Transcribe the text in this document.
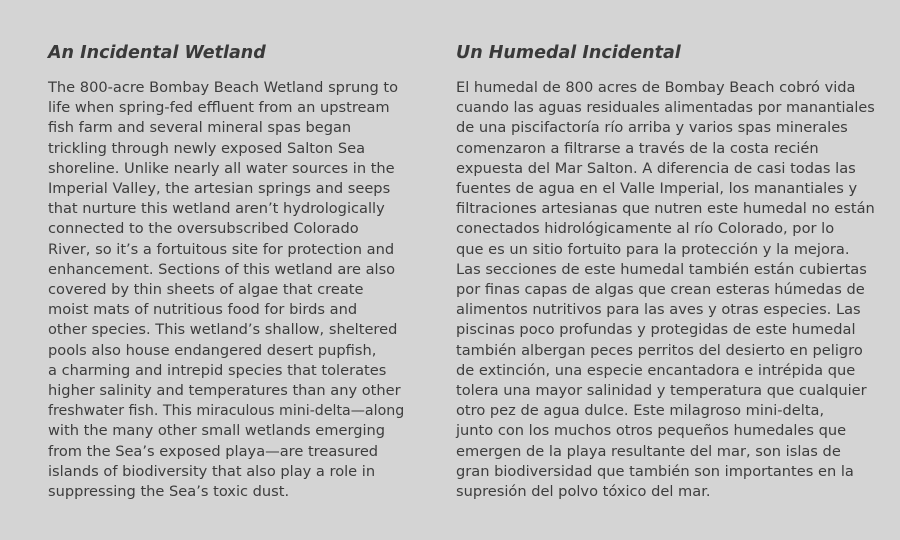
An Incidental Wetland

The 800-acre Bombay Beach Wetland sprung to
life when spring-fed effluent from an upstream
fish farm and several mineral spas began
trickling through newly exposed Salton Sea
shoreline. Unlike nearly all water sources in the
Imperial Valley, the artesian springs and seeps
that nurture this wetland aren’t hydrologically
connected to the oversubscribed Colorado
River, so it’s a fortuitous site for protection and
enhancement. Sections of this wetland are also
covered by thin sheets of algae that create
moist mats of nutritious food for birds and
other species. This wetland’s shallow, sheltered
pools also house endangered desert pupfish,
a charming and intrepid species that tolerates
higher salinity and temperatures than any other
freshwater fish. This miraculous mini-delta—along
with the many other small wetlands emerging
from the Sea’s exposed playa—are treasured
islands of biodiversity that also play a role in
suppressing the Sea’s toxic dust.

Un Humedal Incidental

El humedal de 800 acres de Bombay Beach cobró vida
cuando las aguas residuales alimentadas por manantiales
de una piscifactoría río arriba y varios spas minerales
comenzaron a filtrarse a través de la costa recién
expuesta del Mar Salton. A diferencia de casi todas las
fuentes de agua en el Valle Imperial, los manantiales y
filtraciones artesianas que nutren este humedal no están
conectados hidrológicamente al río Colorado, por lo
que es un sitio fortuito para la protección y la mejora.
Las secciones de este humedal también están cubiertas
por finas capas de algas que crean esteras húmedas de
alimentos nutritivos para las aves y otras especies. Las
piscinas poco profundas y protegidas de este humedal
también albergan peces perritos del desierto en peligro
de extinción, una especie encantadora e intrépida que
tolera una mayor salinidad y temperatura que cualquier
otro pez de agua dulce. Este milagroso mini-delta,
junto con los muchos otros pequeños humedales que
emergen de la playa resultante del mar, son islas de
gran biodiversidad que también son importantes en la
supresión del polvo tóxico del mar.
